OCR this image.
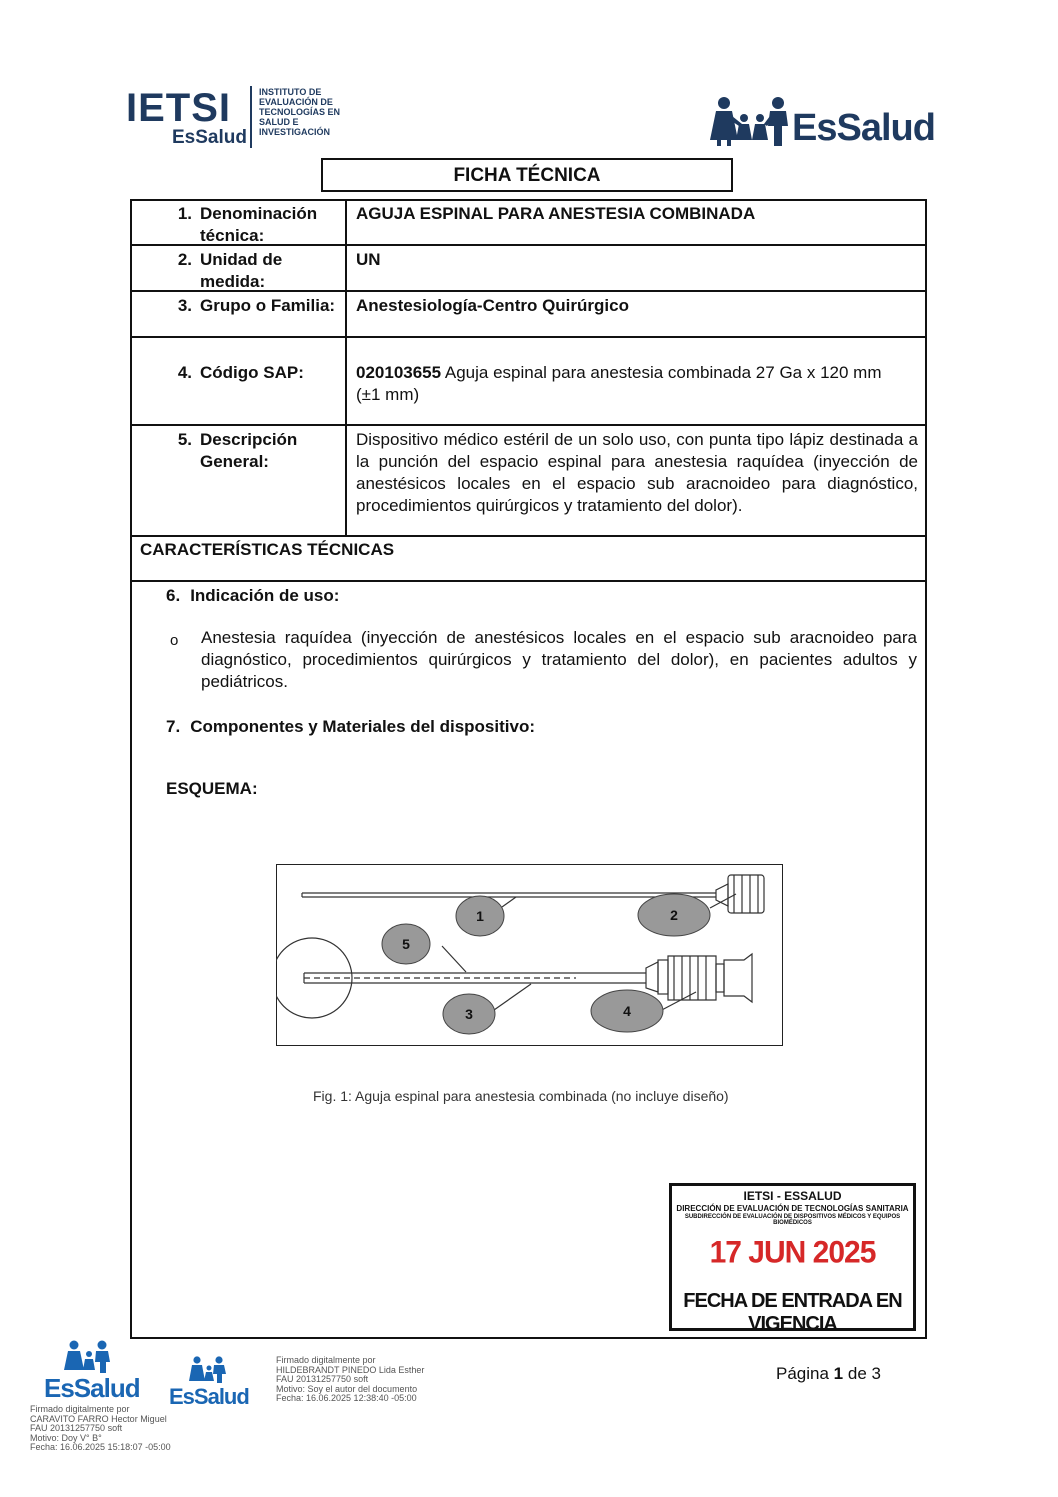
IETSI
EsSalud
INSTITUTO DE
EVALUACIÓN DE
TECNOLOGÍAS EN
SALUD E
INVESTIGACIÓN	EsSalud
FICHA TÉCNICA
1. Denominación técnica:
AGUJA ESPINAL PARA ANESTESIA COMBINADA
2. Unidad de medida:
UN
3. Grupo o Familia: Anestesiología-Centro Quirúrgico
4. Código SAP:	020103655 Aguja espinal para anestesia combinada 27 Ga x 120 mm (±1 mm)
5. Descripción General:
Dispositivo médico estéril de un solo uso, con punta tipo lápiz destinada a la punción del espacio espinal para anestesia raquídea (inyección de anestésicos locales en el espacio sub aracnoideo para diagnóstico, procedimientos quirúrgicos y tratamiento del dolor).
CARACTERÍSTICAS TÉCNICAS
6. Indicación de uso:
o Anestesia raquídea (inyección de anestésicos locales en el espacio sub aracnoideo para diagnóstico, procedimientos quirúrgicos y tratamiento del dolor), en pacientes adultos y pediátricos.
7. Componentes y Materiales del dispositivo:
ESQUEMA:
1	2
3	4
5
Fig. 1: Aguja espinal para anestesia combinada (no incluye diseño)
IETSI - ESSALUD
DIRECCIÓN DE EVALUACIÓN DE TECNOLOGÍAS SANITARIA
SUBDIRECCIÓN DE EVALUACIÓN DE DISPOSITIVOS MÉDICOS Y EQUIPOS BIOMÉDICOS
17 JUN 2025
FECHA DE ENTRADA EN VIGENCIA
EsSalud EsSalud
Firmado digitalmente por
CARAVITO FARRO Hector Miguel
FAU 20131257750 soft
Motivo: Doy V° B°
Fecha: 16.06.2025 15:18:07 -05:00
Firmado digitalmente por
HILDEBRANDT PINEDO Lida Esther
FAU 20131257750 soft
Motivo: Soy el autor del documento
Fecha: 16.06.2025 12:38:40 -05:00
Página 1 de 3
